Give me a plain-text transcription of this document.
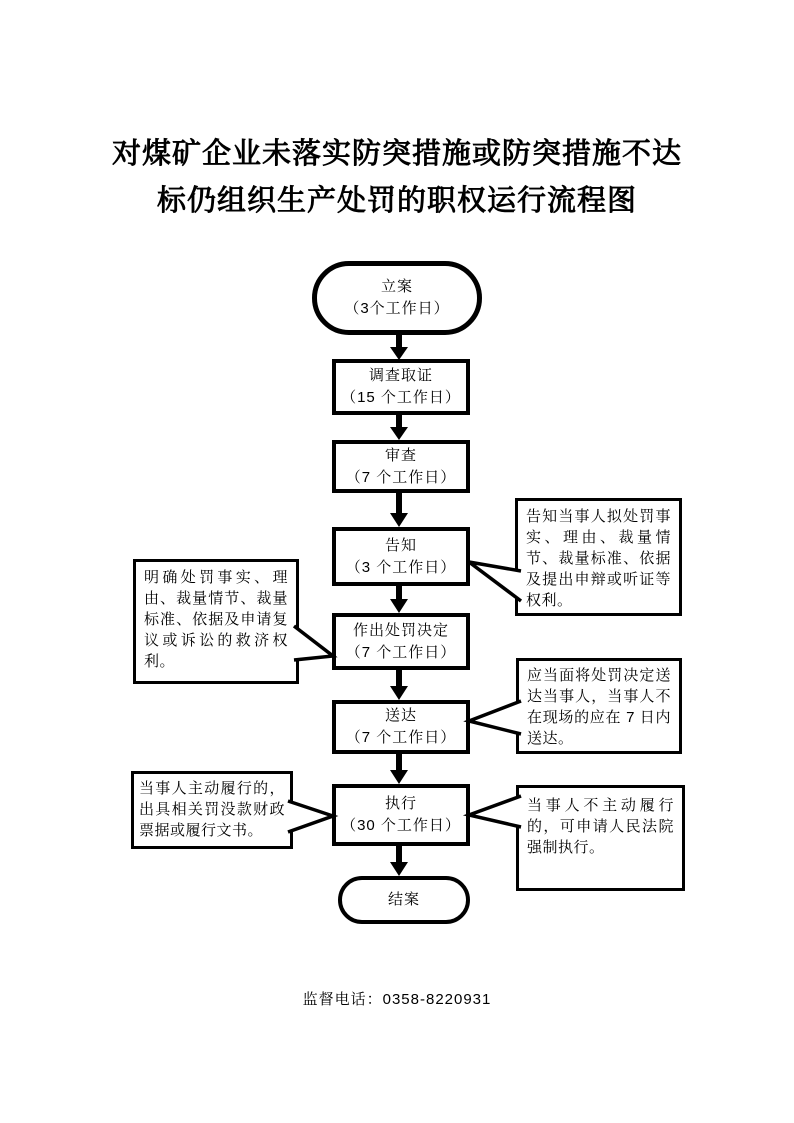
对煤矿企业未落实防突措施或防突措施不达
标仍组织生产处罚的职权运行流程图
立案
（3个工作日）
调查取证
（15 个工作日）
审查
（7 个工作日）
告知
（3 个工作日）
作出处罚决定
（7 个工作日）
送达
（7 个工作日）
执行
（30 个工作日）
结案
告知当事人拟处罚事实、理由、裁量情节、裁量标准、依据及提出申辩或听证等权利。
明确处罚事实、理由、裁量情节、裁量标准、依据及申请复议或诉讼的救济权利。
应当面将处罚决定送达当事人，当事人不在现场的应在 7 日内送达。
当事人主动履行的，出具相关罚没款财政票据或履行文书。
当事人不主动履行的，可申请人民法院强制执行。
监督电话：0358-8220931
